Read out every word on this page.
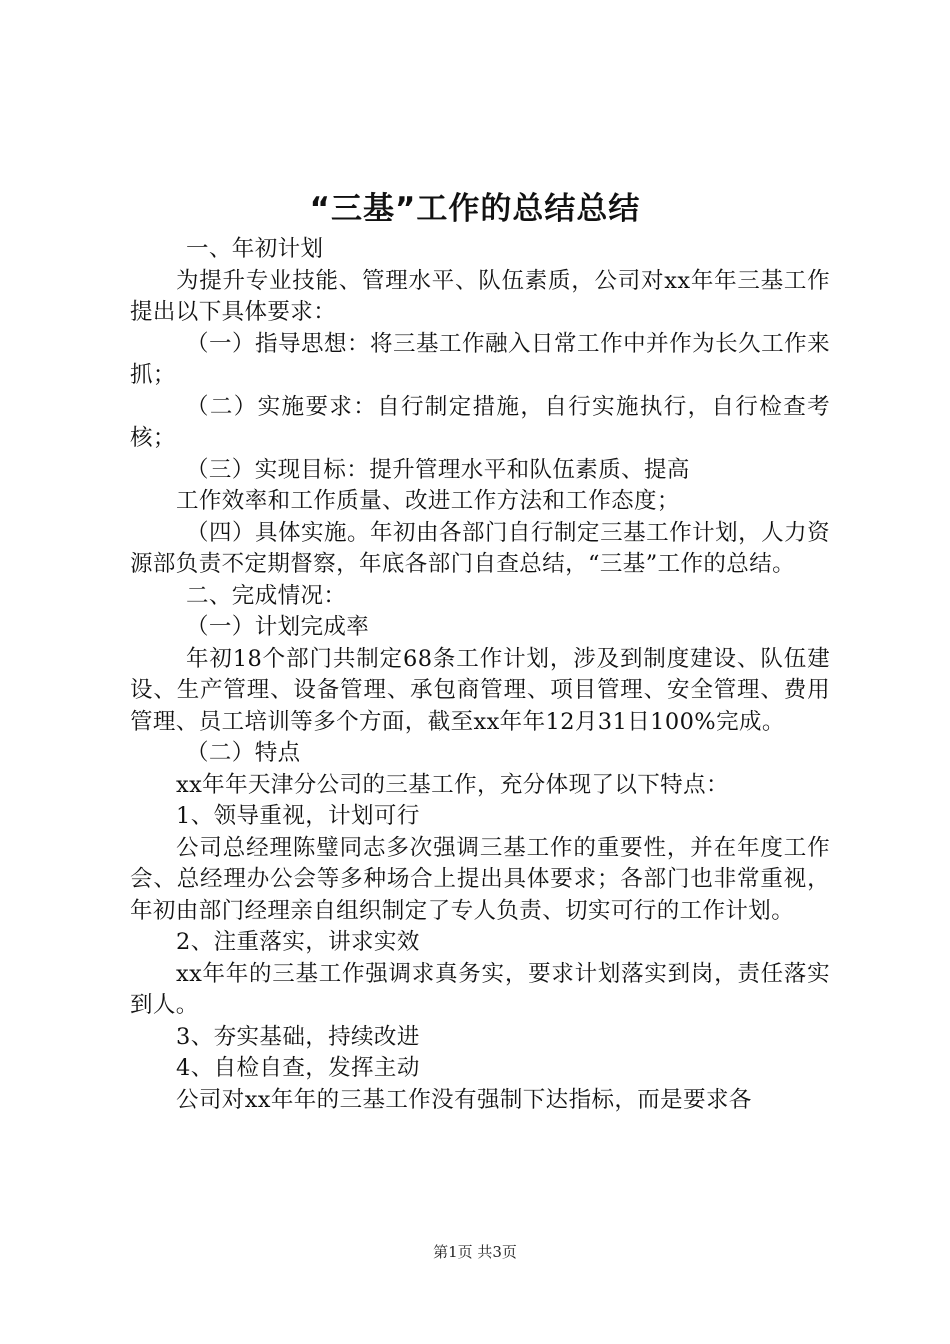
“三基”工作的总结总结

一、年初计划

为提升专业技能、管理水平、队伍素质，公司对xx年年三基工作提出以下具体要求：

（一）指导思想：将三基工作融入日常工作中并作为长久工作来抓；

（二）实施要求：自行制定措施，自行实施执行，自行检查考核；

（三）实现目标：提升管理水平和队伍素质、提高

工作效率和工作质量、改进工作方法和工作态度；

（四）具体实施。年初由各部门自行制定三基工作计划，人力资源部负责不定期督察，年底各部门自查总结，“三基”工作的总结。

二、完成情况：

（一）计划完成率

年初18个部门共制定68条工作计划，涉及到制度建设、队伍建设、生产管理、设备管理、承包商管理、项目管理、安全管理、费用管理、员工培训等多个方面，截至xx年年12月31日100%完成。

（二）特点

xx年年天津分公司的三基工作，充分体现了以下特点：

1、领导重视，计划可行

公司总经理陈璧同志多次强调三基工作的重要性，并在年度工作会、总经理办公会等多种场合上提出具体要求；各部门也非常重视，年初由部门经理亲自组织制定了专人负责、切实可行的工作计划。

2、注重落实，讲求实效

xx年年的三基工作强调求真务实，要求计划落实到岗，责任落实到人。

3、夯实基础，持续改进

4、自检自查，发挥主动

公司对xx年年的三基工作没有强制下达指标，而是要求各

第1页 共3页
